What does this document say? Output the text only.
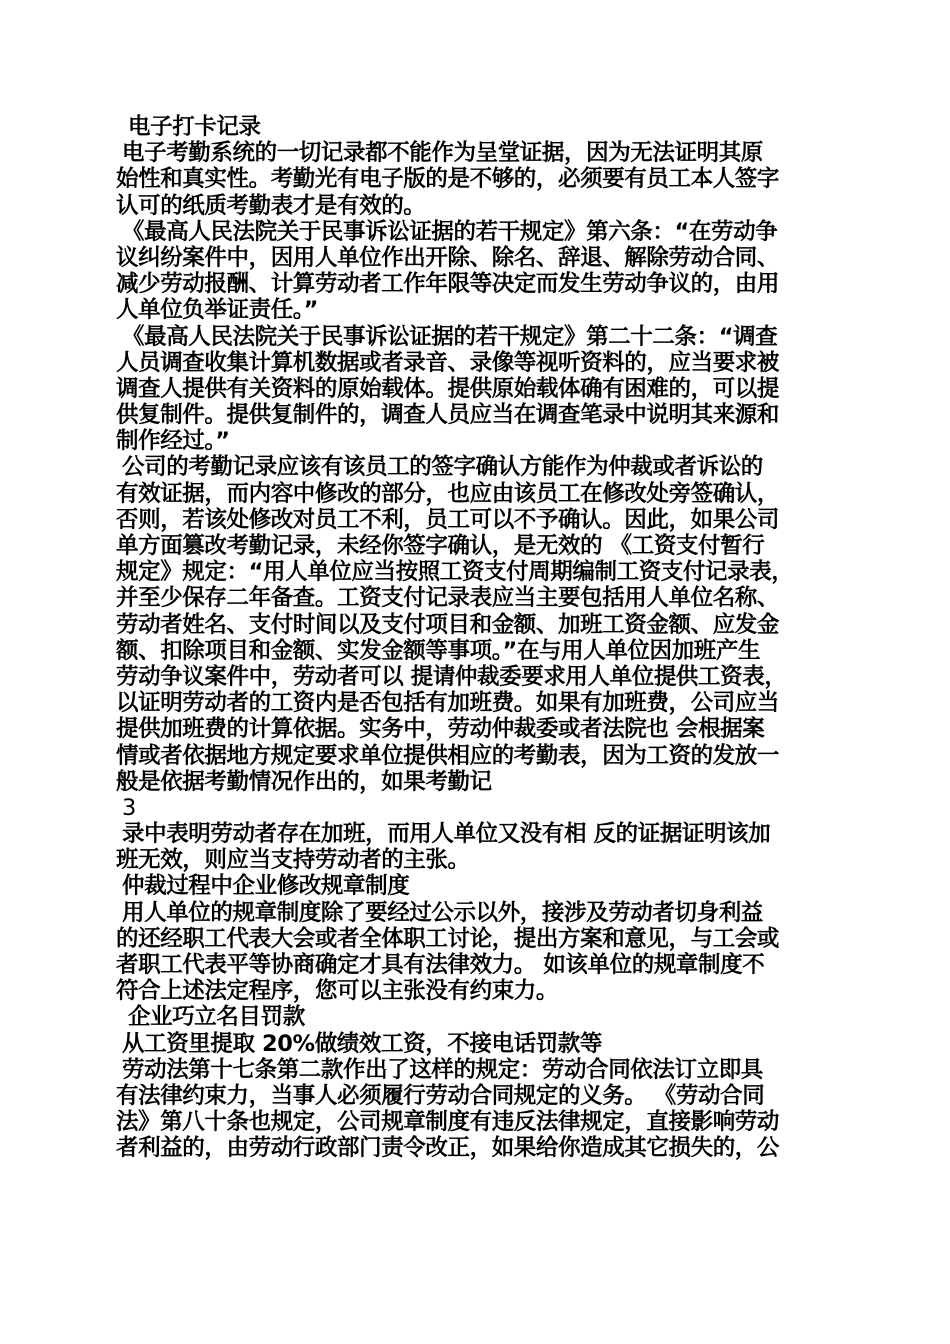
电子打卡记录
电子考勤系统的一切记录都不能作为呈堂证据，因为无法证明其原
始性和真实性。考勤光有电子版的是不够的，必须要有员工本人签字
认可的纸质考勤表才是有效的。
《最高人民法院关于民事诉讼证据的若干规定》第六条：“在劳动争
议纠纷案件中，因用人单位作出开除、除名、辞退、解除劳动合同、
减少劳动报酬、计算劳动者工作年限等决定而发生劳动争议的，由用
人单位负举证责任。”
《最高人民法院关于民事诉讼证据的若干规定》第二十二条：“调查
人员调查收集计算机数据或者录音、录像等视听资料的，应当要求被
调查人提供有关资料的原始载体。提供原始载体确有困难的，可以提
供复制件。提供复制件的，调查人员应当在调查笔录中说明其来源和
制作经过。”
公司的考勤记录应该有该员工的签字确认方能作为仲裁或者诉讼的
有效证据，而内容中修改的部分，也应由该员工在修改处旁签确认，
否则，若该处修改对员工不利，员工可以不予确认。因此，如果公司
单方面篡改考勤记录，未经你签字确认，是无效的 《工资支付暂行
规定》规定：“用人单位应当按照工资支付周期编制工资支付记录表，
并至少保存二年备查。工资支付记录表应当主要包括用人单位名称、
劳动者姓名、支付时间以及支付项目和金额、加班工资金额、应发金
额、扣除项目和金额、实发金额等事项。”在与用人单位因加班产生
劳动争议案件中，劳动者可以 提请仲裁委要求用人单位提供工资表，
以证明劳动者的工资内是否包括有加班费。如果有加班费，公司应当
提供加班费的计算依据。实务中，劳动仲裁委或者法院也 会根据案
情或者依据地方规定要求单位提供相应的考勤表，因为工资的发放一
般是依据考勤情况作出的，如果考勤记
3
录中表明劳动者存在加班，而用人单位又没有相 反的证据证明该加
班无效，则应当支持劳动者的主张。
仲裁过程中企业修改规章制度
用人单位的规章制度除了要经过公示以外，接涉及劳动者切身利益
的还经职工代表大会或者全体职工讨论，提出方案和意见，与工会或
者职工代表平等协商确定才具有法律效力。 如该单位的规章制度不
符合上述法定程序，您可以主张没有约束力。
企业巧立名目罚款
从工资里提取 20%做绩效工资，不接电话罚款等
劳动法第十七条第二款作出了这样的规定：劳动合同依法订立即具
有法律约束力，当事人必须履行劳动合同规定的义务。 《劳动合同
法》第八十条也规定，公司规章制度有违反法律规定，直接影响劳动
者利益的，由劳动行政部门责令改正，如果给你造成其它损失的，公
